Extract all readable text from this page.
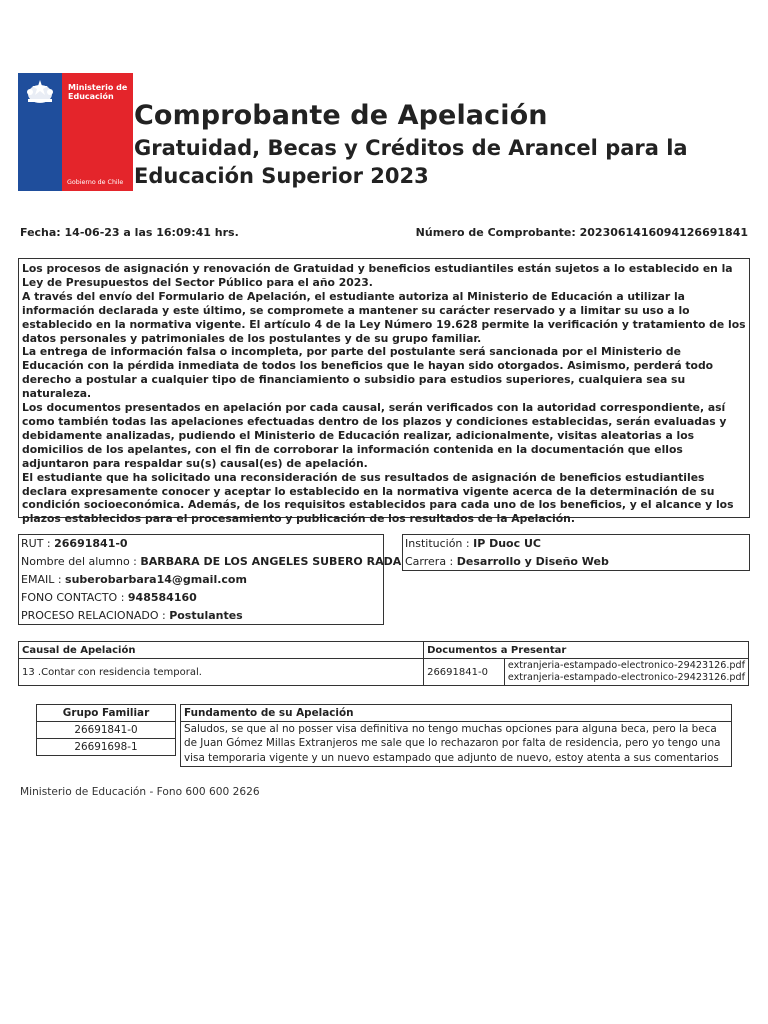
Ministerio de
Educación
Gobierno de Chile
Comprobante de Apelación
Gratuidad, Becas y Créditos de Arancel para la Educación Superior 2023
Fecha: 14-06-23 a las 16:09:41 hrs.	Número de Comprobante: 2023061416094126691841

Los procesos de asignación y renovación de Gratuidad y beneficios estudiantiles están sujetos a lo establecido en la Ley de Presupuestos del Sector Público para el año 2023.

A través del envío del Formulario de Apelación, el estudiante autoriza al Ministerio de Educación a utilizar la información declarada y este último, se compromete a mantener su carácter reservado y a limitar su uso a lo establecido en la normativa vigente. El artículo 4 de la Ley Número 19.628 permite la verificación y tratamiento de los datos personales y patrimoniales de los postulantes y de su grupo familiar.

La entrega de información falsa o incompleta, por parte del postulante será sancionada por el Ministerio de Educación con la pérdida inmediata de todos los beneficios que le hayan sido otorgados. Asimismo, perderá todo derecho a postular a cualquier tipo de financiamiento o subsidio para estudios superiores, cualquiera sea su naturaleza.

Los documentos presentados en apelación por cada causal, serán verificados con la autoridad correspondiente, así como también todas las apelaciones efectuadas dentro de los plazos y condiciones establecidas, serán evaluadas y debidamente analizadas, pudiendo el Ministerio de Educación realizar, adicionalmente, visitas aleatorias a los domicilios de los apelantes, con el fin de corroborar la información contenida en la documentación que ellos adjuntaron para respaldar su(s) causal(es) de apelación.

El estudiante que ha solicitado una reconsideración de sus resultados de asignación de beneficios estudiantiles declara expresamente conocer y aceptar lo establecido en la normativa vigente acerca de la determinación de su condición socioeconómica. Además, de los requisitos establecidos para cada uno de los beneficios, y el alcance y los plazos establecidos para el procesamiento y publicación de los resultados de la Apelación.

RUT : 26691841-0
Nombre del alumno : BARBARA DE LOS ANGELES SUBERO RADA
EMAIL : suberobarbara14@gmail.com
FONO CONTACTO : 948584160
PROCESO RELACIONADO : Postulantes
Institución : IP Duoc UC
Carrera : Desarrollo y Diseño Web
Causal de Apelación	Documentos a Presentar	
13 .Contar con residencia temporal.	26691841-0	extranjeria-estampado-electronico-29423126.pdf
extranjeria-estampado-electronico-29423126.pdf
Grupo Familiar
26691841-0
26691698-1
Fundamento de su Apelación
Saludos, se que al no posser visa definitiva no tengo muchas opciones para alguna beca, pero la beca de Juan Gómez Millas Extranjeros me sale que lo rechazaron por falta de residencia, pero yo tengo una visa temporaria vigente y un nuevo estampado que adjunto de nuevo, estoy atenta a sus comentarios
Ministerio de Educación - Fono 600 600 2626
